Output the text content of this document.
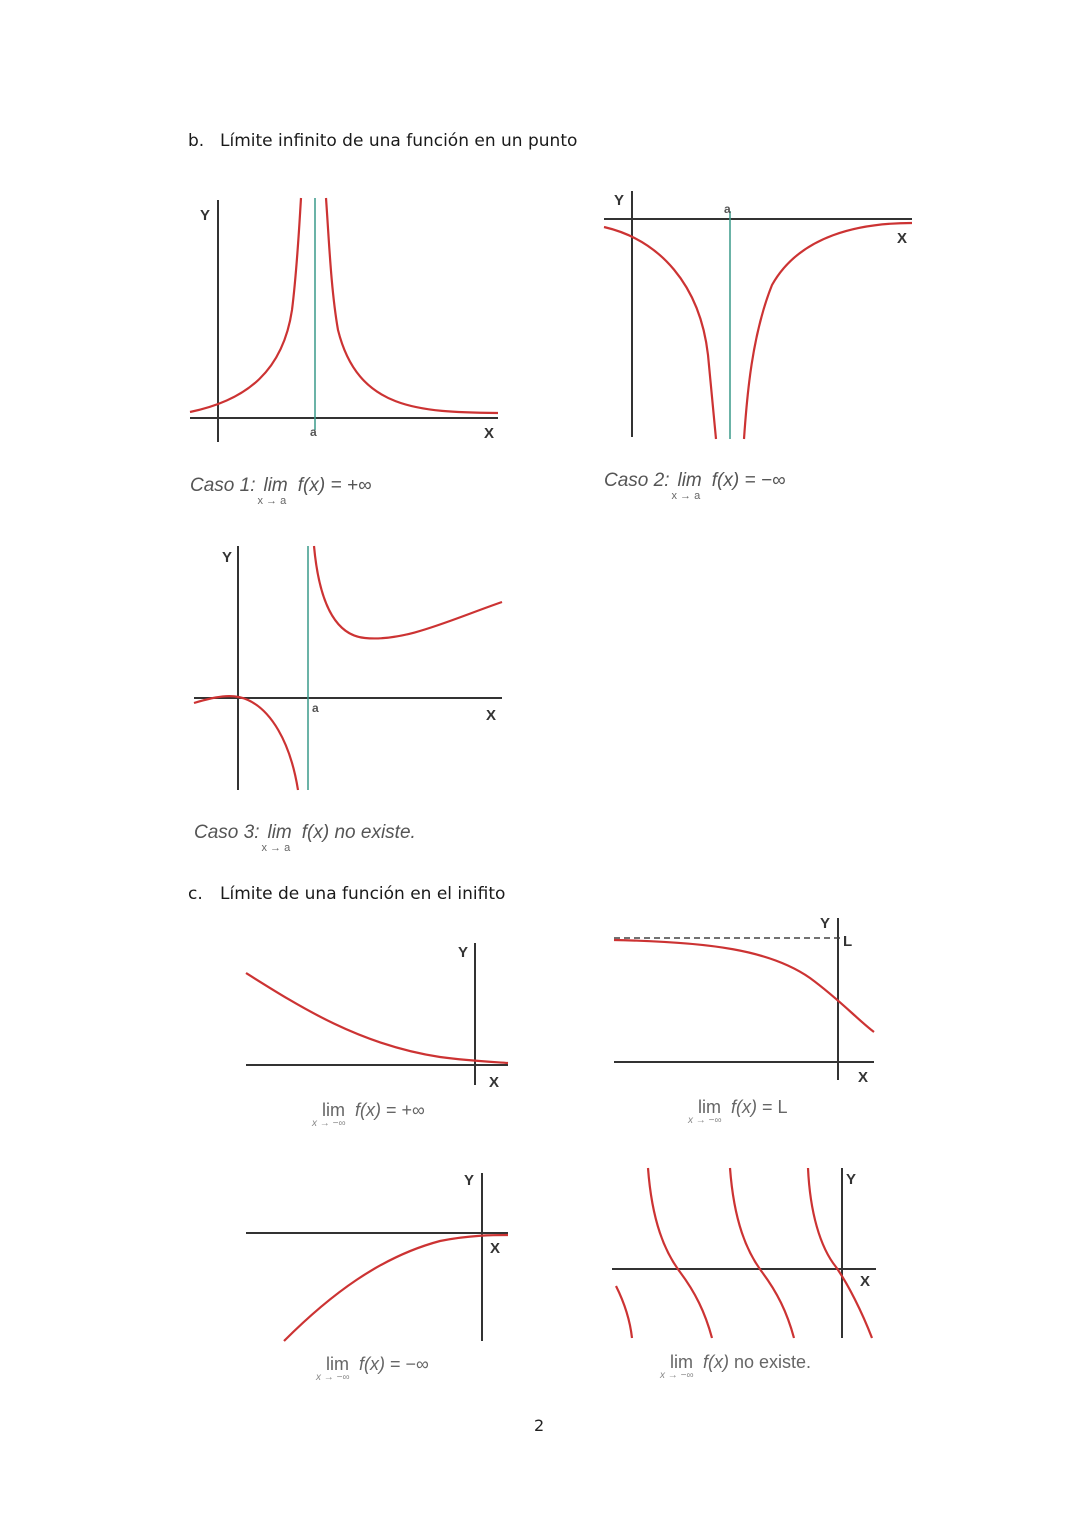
b. Límite infinito de una función en un punto
Y
a	X
Caso 1: lim
x → a
f(x) = +∞
Y	a
X
Caso 2: lim
x → a
f(x) = −∞
Y
a	X
Caso 3: lim
x → a
f(x) no existe.
c. Límite de una función en el inifito
Y
X
lim
x → −∞
f(x) = +∞
Y
L
X
lim
x → −∞
f(x) = L
Y
X
lim
x → −∞
f(x) = −∞
Y
X
lim
x → −∞
f(x) no existe.
2
